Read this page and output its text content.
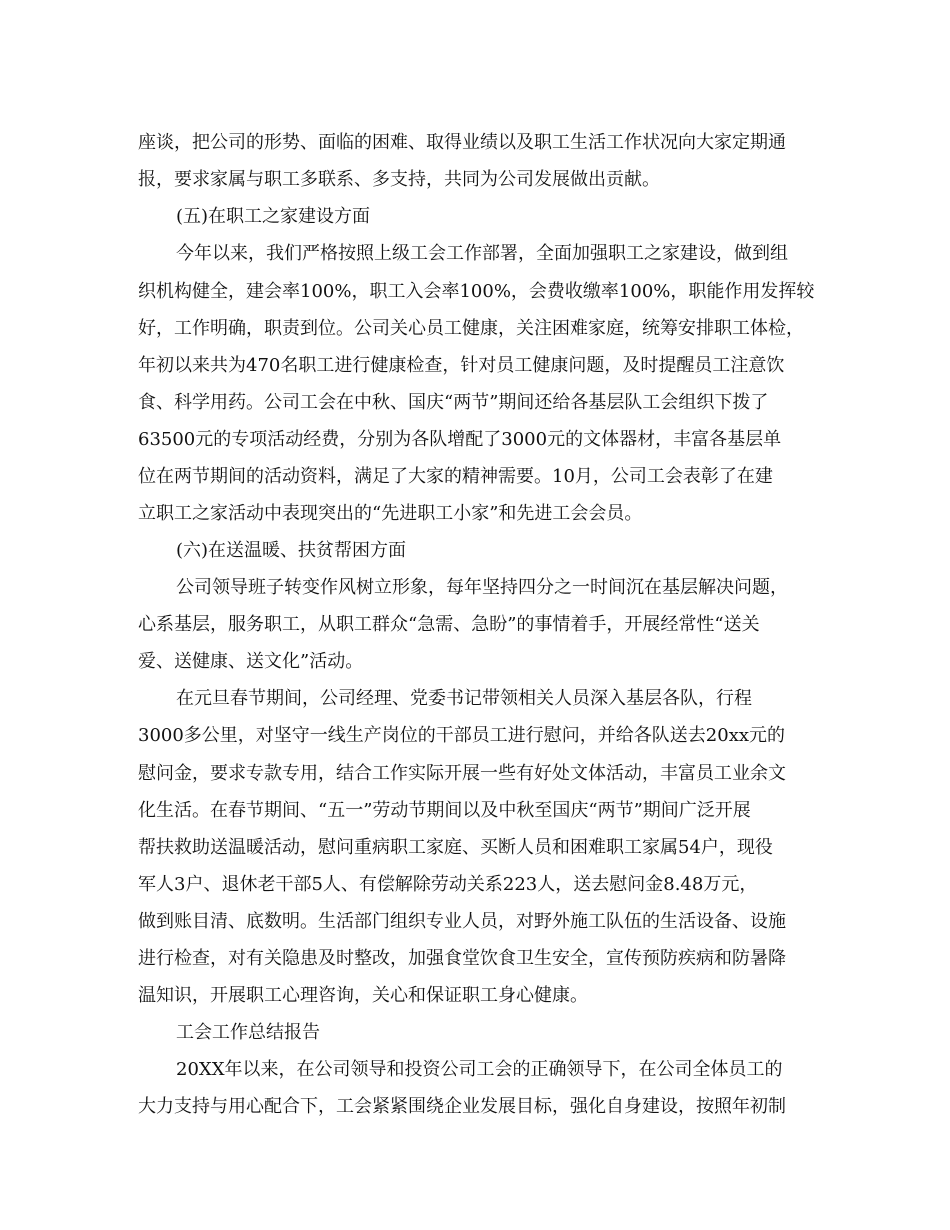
座谈，把公司的形势、面临的困难、取得业绩以及职工生活工作状况向大家定期通
报，要求家属与职工多联系、多支持，共同为公司发展做出贡献。
(五)在职工之家建设方面
今年以来，我们严格按照上级工会工作部署，全面加强职工之家建设，做到组
织机构健全，建会率100%，职工入会率100%，会费收缴率100%，职能作用发挥较
好，工作明确，职责到位。公司关心员工健康，关注困难家庭，统筹安排职工体检，
年初以来共为470名职工进行健康检查，针对员工健康问题，及时提醒员工注意饮
食、科学用药。公司工会在中秋、国庆“两节”期间还给各基层队工会组织下拨了
63500元的专项活动经费，分别为各队增配了3000元的文体器材，丰富各基层单
位在两节期间的活动资料，满足了大家的精神需要。10月，公司工会表彰了在建
立职工之家活动中表现突出的“先进职工小家”和先进工会会员。
(六)在送温暖、扶贫帮困方面
公司领导班子转变作风树立形象，每年坚持四分之一时间沉在基层解决问题，
心系基层，服务职工，从职工群众“急需、急盼”的事情着手，开展经常性“送关
爱、送健康、送文化”活动。
在元旦春节期间，公司经理、党委书记带领相关人员深入基层各队，行程
3000多公里，对坚守一线生产岗位的干部员工进行慰问，并给各队送去20xx元的
慰问金，要求专款专用，结合工作实际开展一些有好处文体活动，丰富员工业余文
化生活。在春节期间、“五一”劳动节期间以及中秋至国庆“两节”期间广泛开展
帮扶救助送温暖活动，慰问重病职工家庭、买断人员和困难职工家属54户，现役
军人3户、退休老干部5人、有偿解除劳动关系223人，送去慰问金8.48万元，
做到账目清、底数明。生活部门组织专业人员，对野外施工队伍的生活设备、设施
进行检查，对有关隐患及时整改，加强食堂饮食卫生安全，宣传预防疾病和防暑降
温知识，开展职工心理咨询，关心和保证职工身心健康。
工会工作总结报告
20XX年以来，在公司领导和投资公司工会的正确领导下，在公司全体员工的
大力支持与用心配合下，工会紧紧围绕企业发展目标，强化自身建设，按照年初制
